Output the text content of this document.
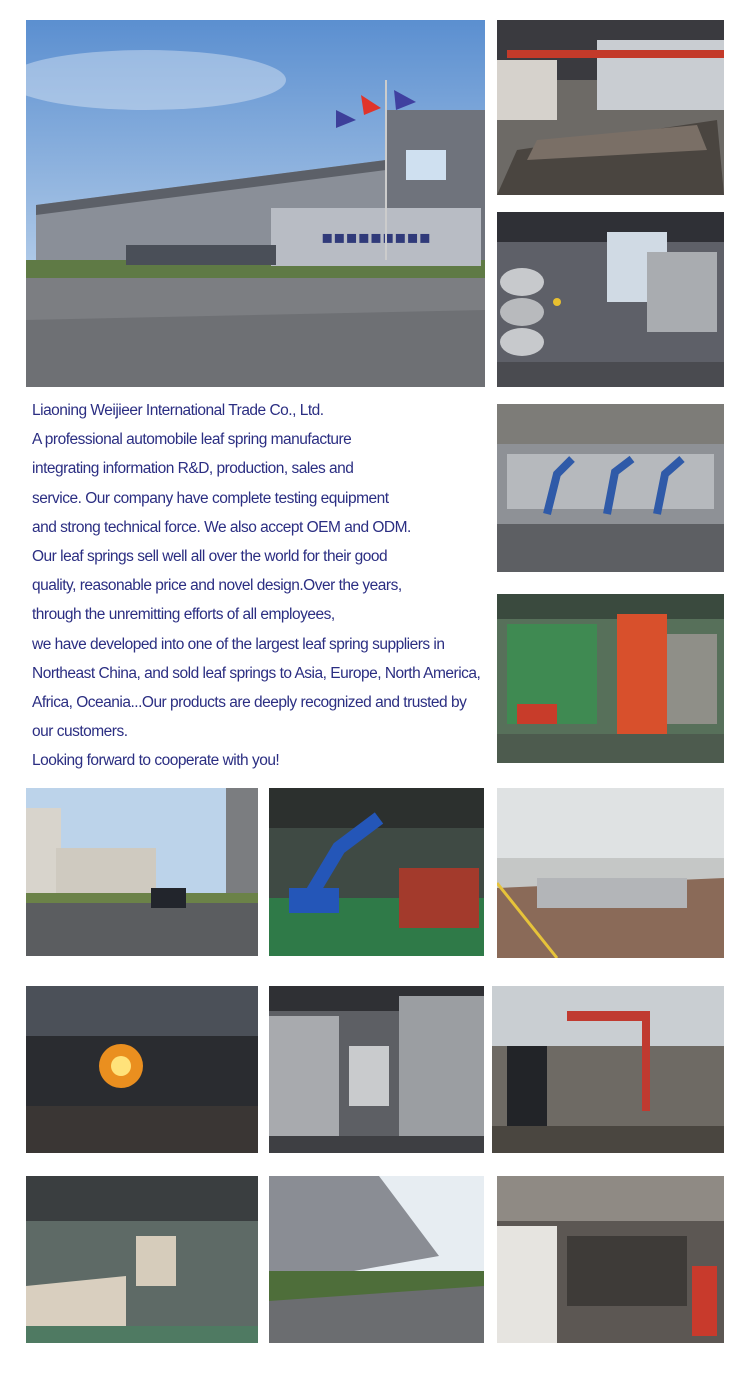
▪▪▪▪▪▪▪▪▪
Liaoning Weijieer International Trade Co., Ltd.
A professional automobile leaf spring manufacture
integrating information R&D, production, sales and
service. Our company have complete testing equipment
and strong technical force. We also accept OEM and ODM.
Our leaf springs sell well all over the world for their good
quality, reasonable price and novel design.Over the years,
through the unremitting efforts of all employees,
we have developed into one of the largest leaf spring suppliers in
Northeast China, and sold leaf springs to Asia, Europe, North America,
Africa, Oceania...Our products are deeply recognized and trusted by
our customers.
Looking forward to cooperate with you!
